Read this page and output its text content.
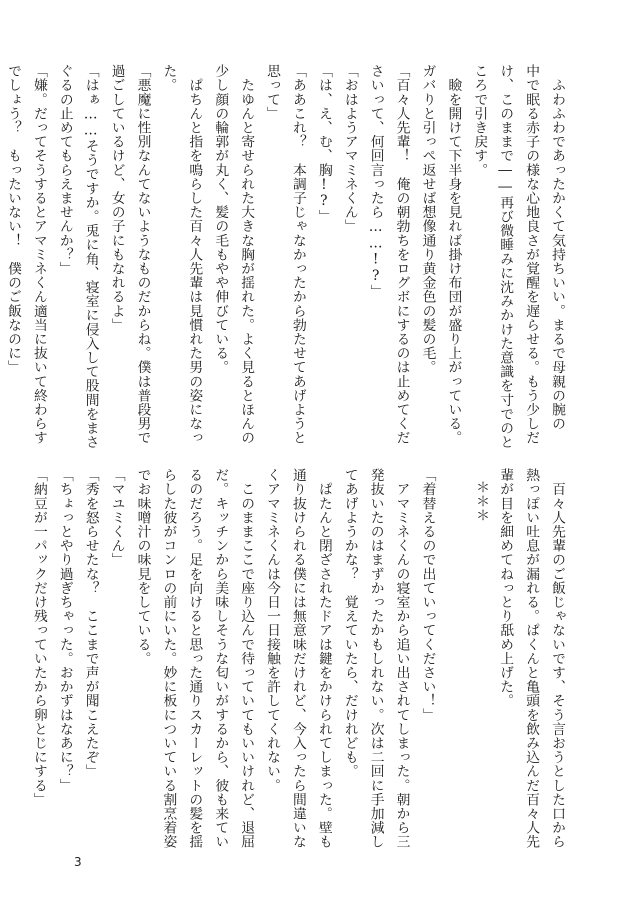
　ふわふわであったかくて気持ちいい。まるで母親の腕の
中で眠る赤子の様な心地良さが覚醒を遅らせる。もう少しだ
け、このままで――再び微睡みに沈みかけた意識を寸でのと
ころで引き戻す。
　瞼を開けて下半身を見れば掛け布団が盛り上がっている。
ガバりと引っぺ返せば想像通り黄金色の髪の毛。
「百々人先輩！　俺の朝勃ちをログボにするのは止めてくだ
さいって、何回言ったら……!?」
「おはようアマミネくん」
「は、え、む、胸!?」
「ああこれ？　本調子じゃなかったから勃たせてあげようと
思って」
　たゆんと寄せられた大きな胸が揺れた。よく見るとほんの
少し顔の輪郭が丸く、髪の毛もやや伸びている。
　ぱちんと指を鳴らした百々人先輩は見慣れた男の姿になっ
た。
「悪魔に性別なんてないようなものだからね。僕は普段男で
過ごしているけど、女の子にもなれるよ」
「はぁ……そうですか。兎に角、寝室に侵入して股間をまさ
ぐるの止めてもらえませんか？」
「嫌。だってそうするとアマミネくん適当に抜いて終わらす
でしょう？　もったいない！　僕のご飯なのに」
＊＊＊	　百々人先輩のご飯じゃないです、そう言おうとした口から
熱っぽい吐息が漏れる。ぱくんと亀頭を飲み込んだ百々人先
輩が目を細めてねっとり舐め上げた。

「着替えるので出ていってください！」
　アマミネくんの寝室から追い出されてしまった。朝から三
発抜いたのはまずかったかもしれない。次は二回に手加減し
てあげようかな？　覚えていたら、だけれども。
　ぱたんと閉ざされたドアは鍵をかけられてしまった。壁も
通り抜けられる僕には無意味だけれど、今入ったら間違いな
くアマミネくんは今日一日接触を許してくれない。
　このままここで座り込んで待っていてもいいけれど、退屈
だ。キッチンから美味しそうな匂いがするから、彼も来てい
るのだろう。足を向けると思った通りスカーレットの髪を揺
らした彼がコンロの前にいた。妙に板についている割烹着姿
でお味噌汁の味見をしている。
「マユミくん」
「秀を怒らせたな？　ここまで声が聞こえたぞ」
「ちょっとやり過ぎちゃった。おかずはなあに？」
「納豆が一パックだけ残っていたから卵とじにする」
3
